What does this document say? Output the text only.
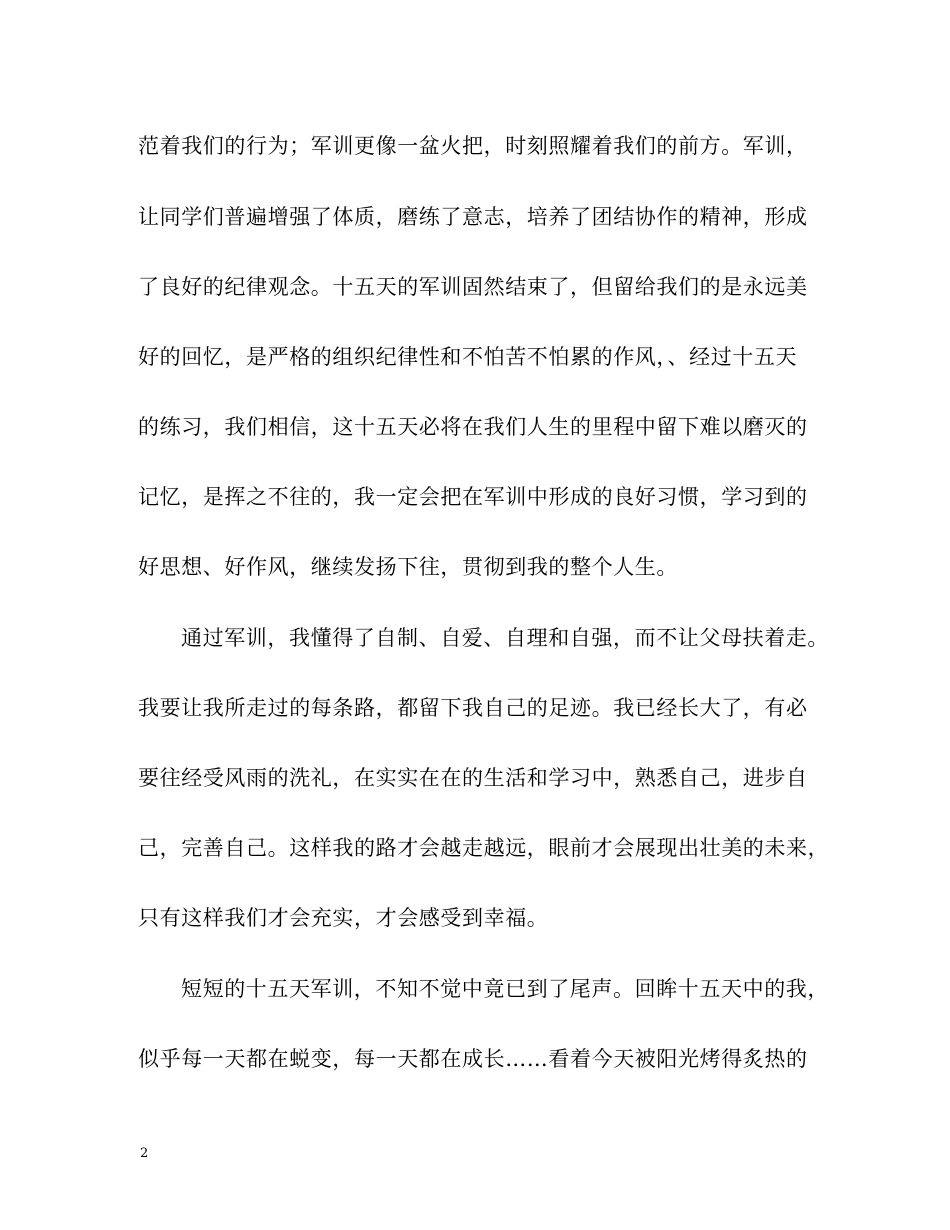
范着我们的行为；军训更像一盆火把，时刻照耀着我们的前方。军训，
让同学们普遍增强了体质，磨练了意志，培养了团结协作的精神，形成
了良好的纪律观念。十五天的军训固然结束了，但留给我们的是永远美
好的回忆，是严格的组织纪律性和不怕苦不怕累的作风，、经过十五天
的练习，我们相信，这十五天必将在我们人生的里程中留下难以磨灭的
记忆，是挥之不往的，我一定会把在军训中形成的良好习惯，学习到的
好思想、好作风，继续发扬下往，贯彻到我的整个人生。
通过军训，我懂得了自制、自爱、自理和自强，而不让父母扶着走。
我要让我所走过的每条路，都留下我自己的足迹。我已经长大了，有必
要往经受风雨的洗礼，在实实在在的生活和学习中，熟悉自己，进步自
己，完善自己。这样我的路才会越走越远，眼前才会展现出壮美的未来，
只有这样我们才会充实，才会感受到幸福。
短短的十五天军训，不知不觉中竟已到了尾声。回眸十五天中的我，
似乎每一天都在蜕变，每一天都在成长……看着今天被阳光烤得炙热的
2
